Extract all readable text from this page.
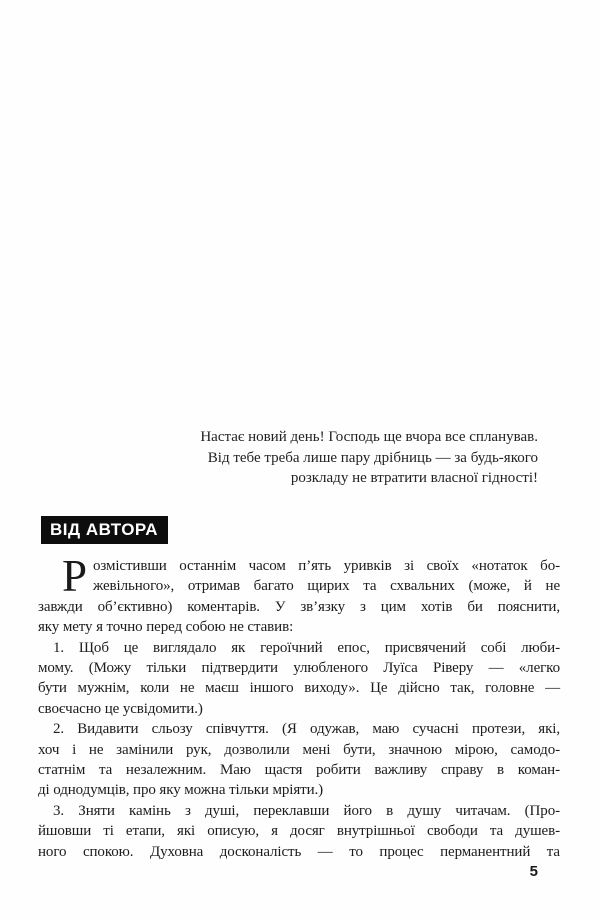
Настає новий день! Господь ще вчора все спланував.
Від тебе треба лише пару дрібниць — за будь-якого
розкладу не втратити власної гідності!
ВІД АВТОРА
Р озмістивши останнім часом п’ять уривків зі своїх «нотаток бо-
жевільного», отримав багато щирих та схвальних (може, й не
завжди об’єктивно) коментарів. У зв’язку з цим хотів би пояснити,
яку мету я точно перед собою не ставив:
1. Щоб це виглядало як героїчний епос, присвячений собі люби-
мому. (Можу тільки підтвердити улюбленого Луїса Ріверу — «легко
бути мужнім, коли не маєш іншого виходу». Це дійсно так, головне —
своєчасно це усвідомити.)
2. Видавити сльозу співчуття. (Я одужав, маю сучасні протези, які,
хоч і не замінили рук, дозволили мені бути, значною мірою, самодо-
статнім та незалежним. Маю щастя робити важливу справу в коман-
ді однодумців, про яку можна тільки мріяти.)
3. Зняти камінь з душі, переклавши його в душу читачам. (Про-
йшовши ті етапи, які описую, я досяг внутрішньої свободи та душев-
ного спокою. Духовна досконалість — то процес перманентний та
5
